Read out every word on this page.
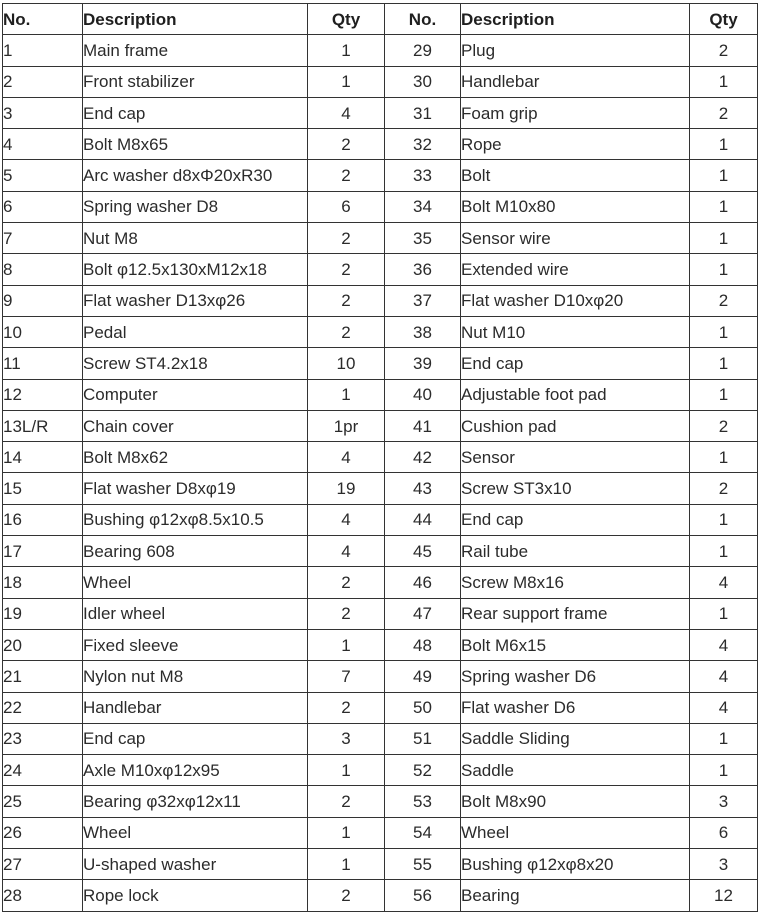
No.	Description	Qty	No.	Description	Qty
1	Main frame	1	29	Plug	2
2	Front stabilizer	1	30	Handlebar	1
3	End cap	4	31	Foam grip	2
4	Bolt M8x65	2	32	Rope	1
5	Arc washer d8xΦ20xR30	2	33	Bolt	1
6	Spring washer D8	6	34	Bolt M10x80	1
7	Nut M8	2	35	Sensor wire	1
8	Bolt φ12.5x130xM12x18	2	36	Extended wire	1
9	Flat washer D13xφ26	2	37	Flat washer D10xφ20	2
10	Pedal	2	38	Nut M10	1
11	Screw ST4.2x18	10	39	End cap	1
12	Computer	1	40	Adjustable foot pad	1
13L/R	Chain cover	1pr	41	Cushion pad	2
14	Bolt M8x62	4	42	Sensor	1
15	Flat washer D8xφ19	19	43	Screw ST3x10	2
16	Bushing φ12xφ8.5x10.5	4	44	End cap	1
17	Bearing 608	4	45	Rail tube	1
18	Wheel	2	46	Screw M8x16	4
19	Idler wheel	2	47	Rear support frame	1
20	Fixed sleeve	1	48	Bolt M6x15	4
21	Nylon nut M8	7	49	Spring washer D6	4
22	Handlebar	2	50	Flat washer D6	4
23	End cap	3	51	Saddle Sliding	1
24	Axle M10xφ12x95	1	52	Saddle	1
25	Bearing φ32xφ12x11	2	53	Bolt M8x90	3
26	Wheel	1	54	Wheel	6
27	U-shaped washer	1	55	Bushing φ12xφ8x20	3
28	Rope lock	2	56	Bearing	12
